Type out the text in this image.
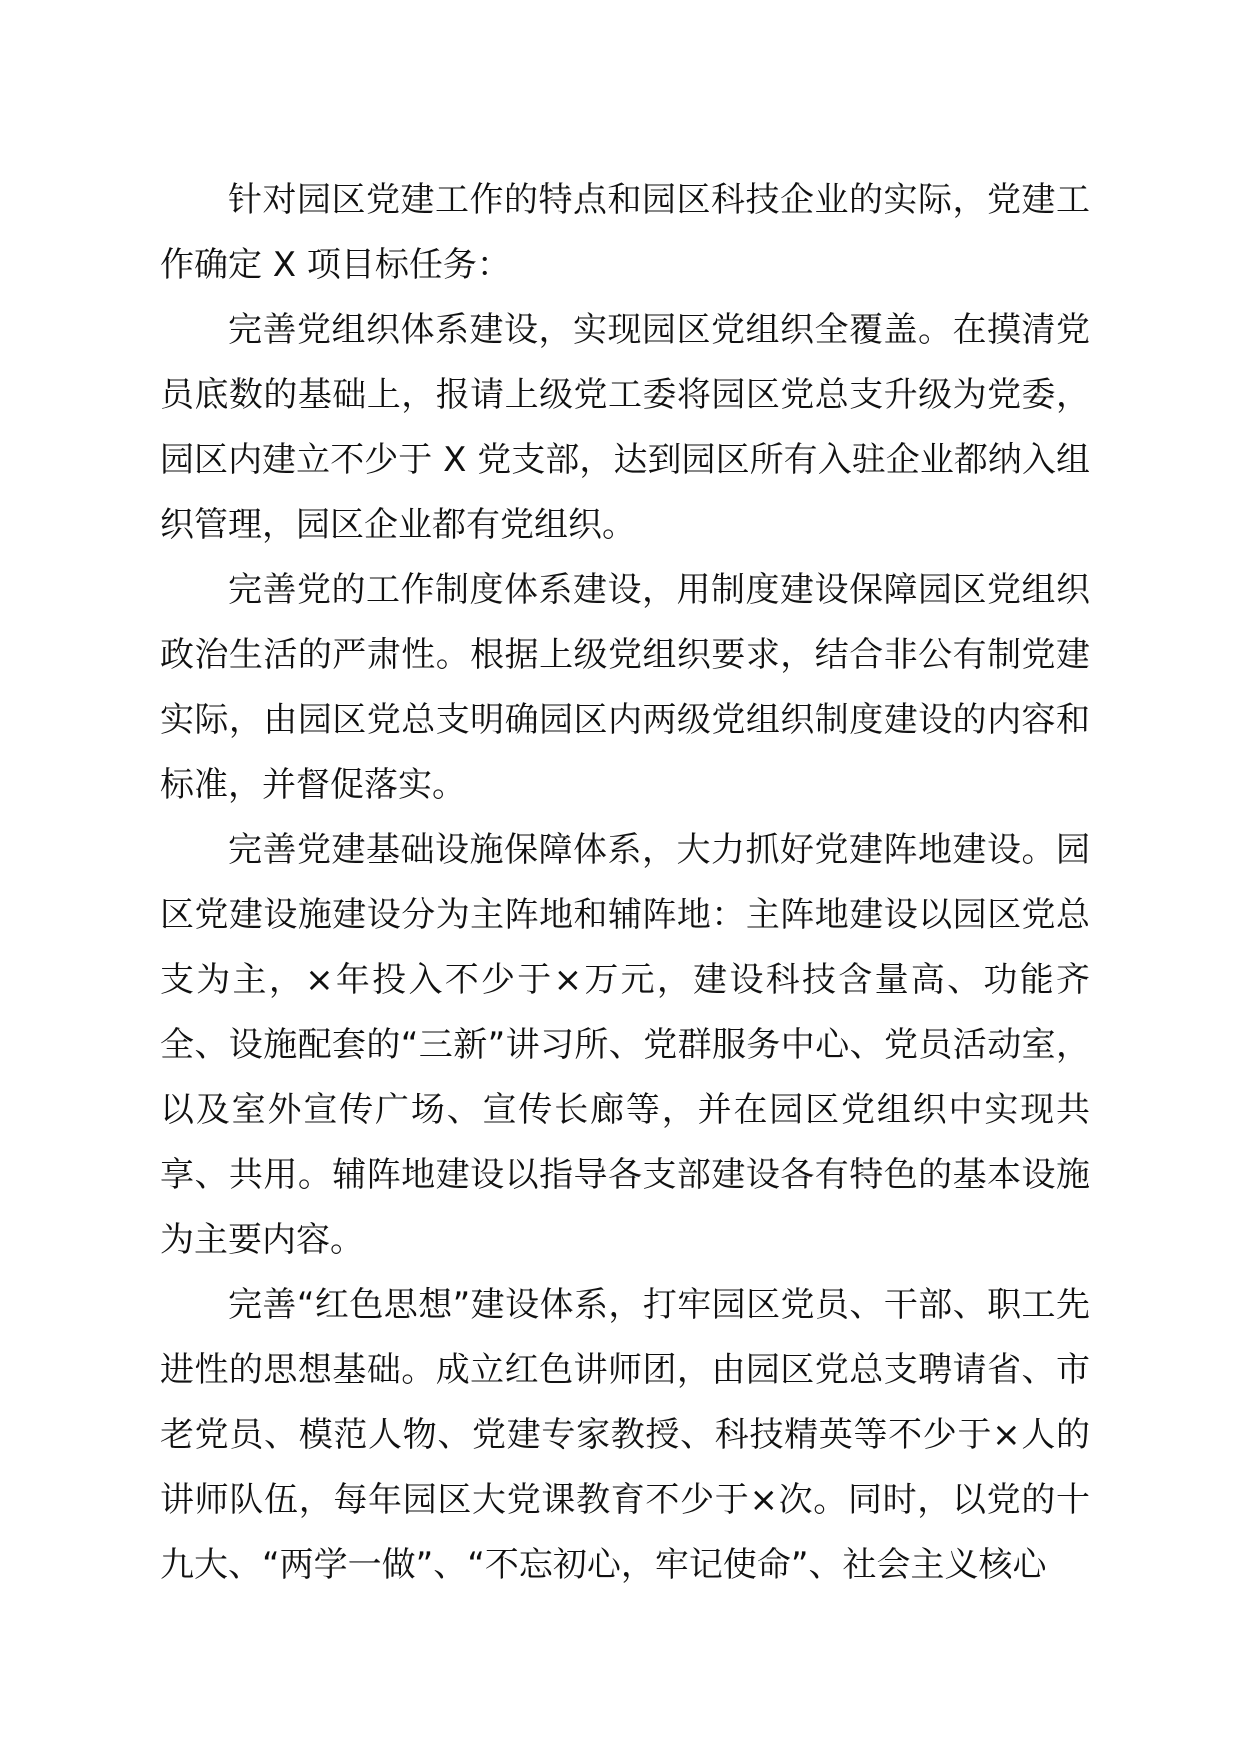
针对园区党建工作的特点和园区科技企业的实际，党建工作确定 X 项目标任务：

完善党组织体系建设，实现园区党组织全覆盖。在摸清党员底数的基础上，报请上级党工委将园区党总支升级为党委，园区内建立不少于 X 党支部，达到园区所有入驻企业都纳入组织管理，园区企业都有党组织。

完善党的工作制度体系建设，用制度建设保障园区党组织政治生活的严肃性。根据上级党组织要求，结合非公有制党建实际，由园区党总支明确园区内两级党组织制度建设的内容和标准，并督促落实。

完善党建基础设施保障体系，大力抓好党建阵地建设。园区党建设施建设分为主阵地和辅阵地：主阵地建设以园区党总支为主，×年投入不少于×万元，建设科技含量高、功能齐全、设施配套的“三新”讲习所、党群服务中心、党员活动室，以及室外宣传广场、宣传长廊等，并在园区党组织中实现共享、共用。辅阵地建设以指导各支部建设各有特色的基本设施为主要内容。

完善“红色思想”建设体系，打牢园区党员、干部、职工先进性的思想基础。成立红色讲师团，由园区党总支聘请省、市老党员、模范人物、党建专家教授、科技精英等不少于×人的讲师队伍，每年园区大党课教育不少于×次。同时，以党的十九大、“两学一做”、“不忘初心，牢记使命”、社会主义核心
